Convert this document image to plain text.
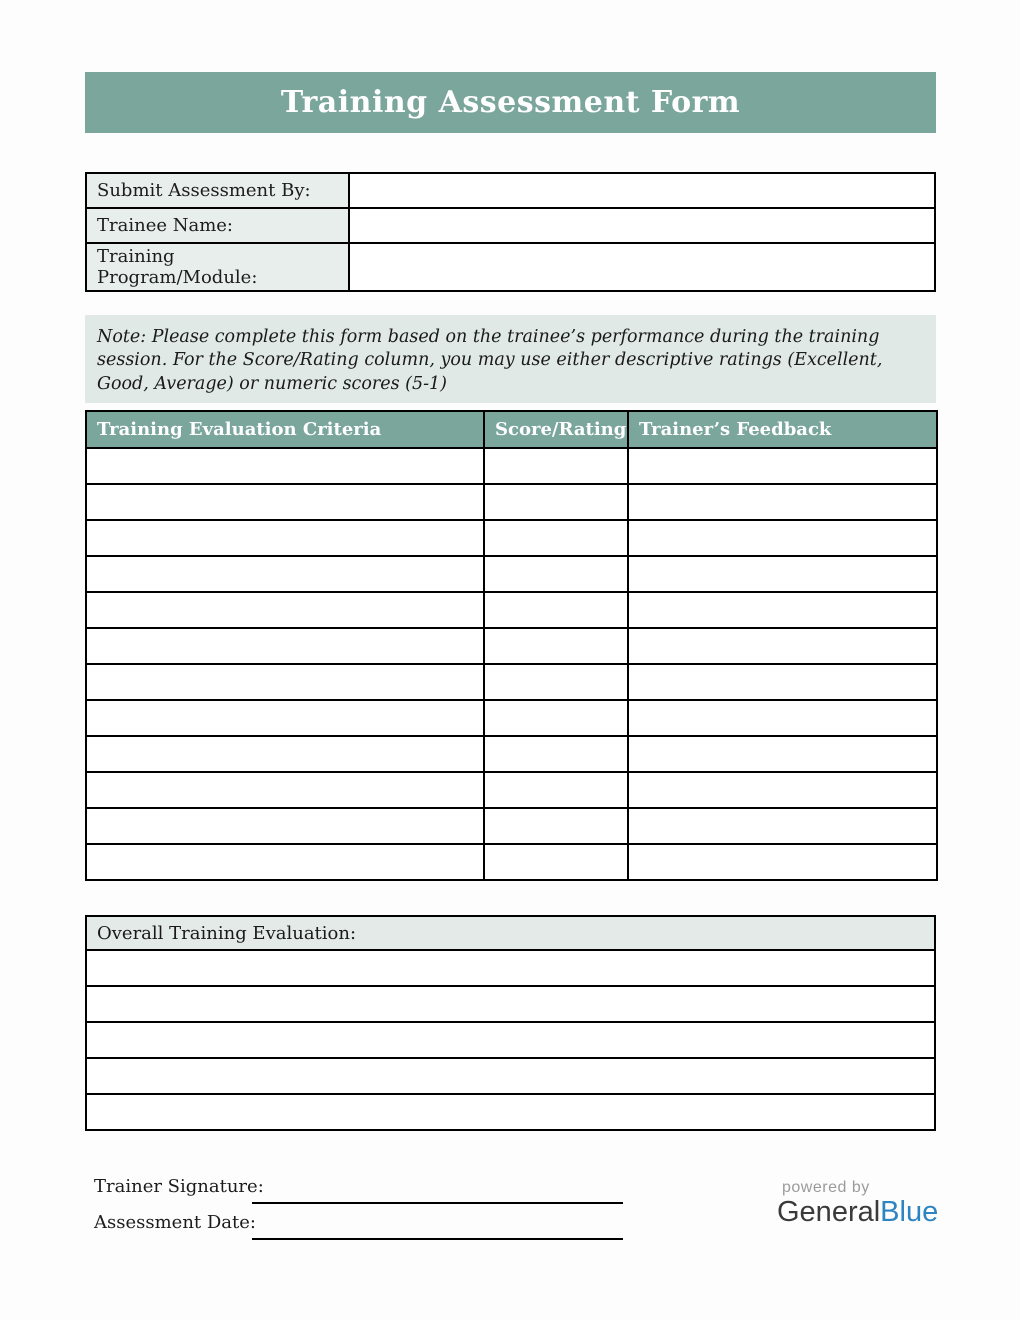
Training Assessment Form
Submit Assessment By:	
Trainee Name:	
Training Program/Module:	
Note: Please complete this form based on the trainee’s performance during the training session. For the Score/Rating column, you may use either descriptive ratings (Excellent, Good, Average) or numeric scores (5-1)
Training Evaluation Criteria	Score/Rating	Trainer’s Feedback

Overall Training Evaluation:

Trainer Signature:
Assessment Date:
powered by
GeneralBlue
